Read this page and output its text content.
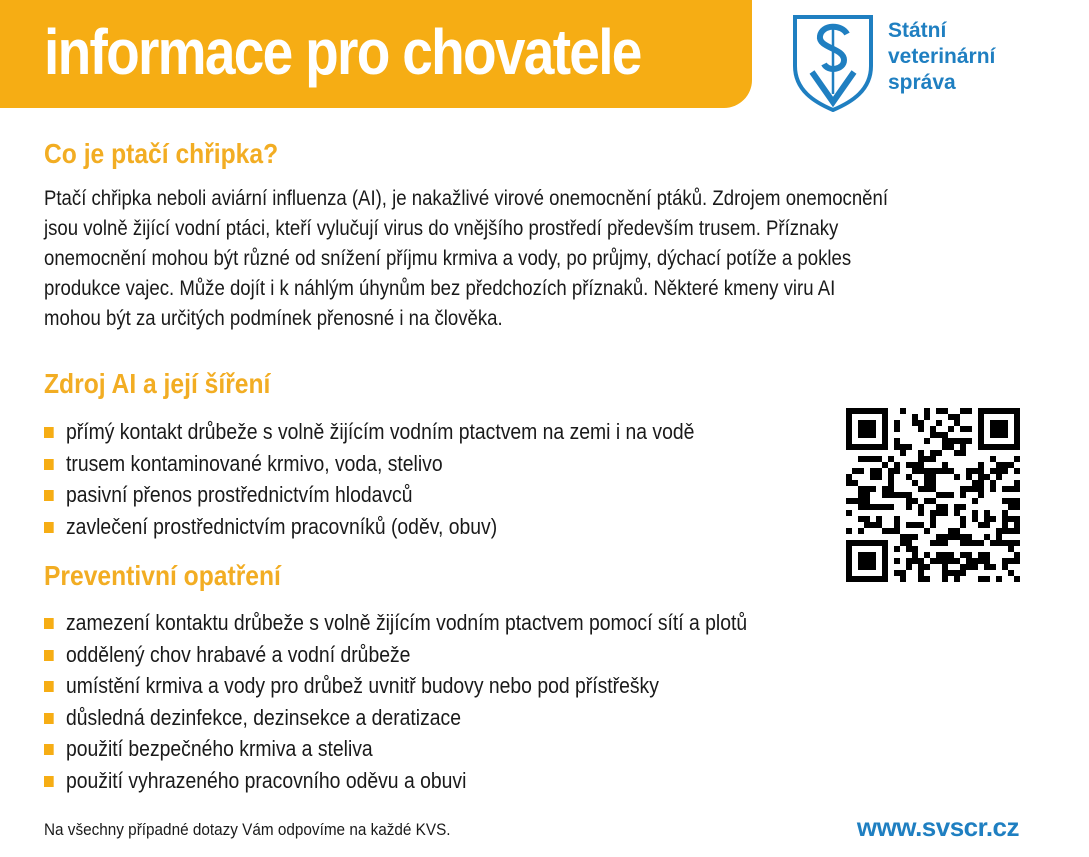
informace pro chovatele	Státní
veterinární
správa
Co je ptačí chřipka?
Ptačí chřipka neboli aviární influenza (AI), je nakažlivé virové onemocnění ptáků. Zdrojem onemocnění
jsou volně žijící vodní ptáci, kteří vylučují virus do vnějšího prostředí především trusem. Příznaky
onemocnění mohou být různé od snížení příjmu krmiva a vody, po průjmy, dýchací potíže a pokles
produkce vajec. Může dojít i k náhlým úhynům bez předchozích příznaků. Některé kmeny viru AI
mohou být za určitých podmínek přenosné i na člověka.
Zdroj AI a její šíření
přímý kontakt drůbeže s volně žijícím vodním ptactvem na zemi i na vodě
trusem kontaminované krmivo, voda, stelivo
pasivní přenos prostřednictvím hlodavců
zavlečení prostřednictvím pracovníků (oděv, obuv)
Preventivní opatření
zamezení kontaktu drůbeže s volně žijícím vodním ptactvem pomocí sítí a plotů
oddělený chov hrabavé a vodní drůbeže
umístění krmiva a vody pro drůbež uvnitř budovy nebo pod přístřešky
důsledná dezinfekce, dezinsekce a deratizace
použití bezpečného krmiva a steliva
použití vyhrazeného pracovního oděvu a obuvi
Na všechny případné dotazy Vám odpovíme na každé KVS.	www.svscr.cz
